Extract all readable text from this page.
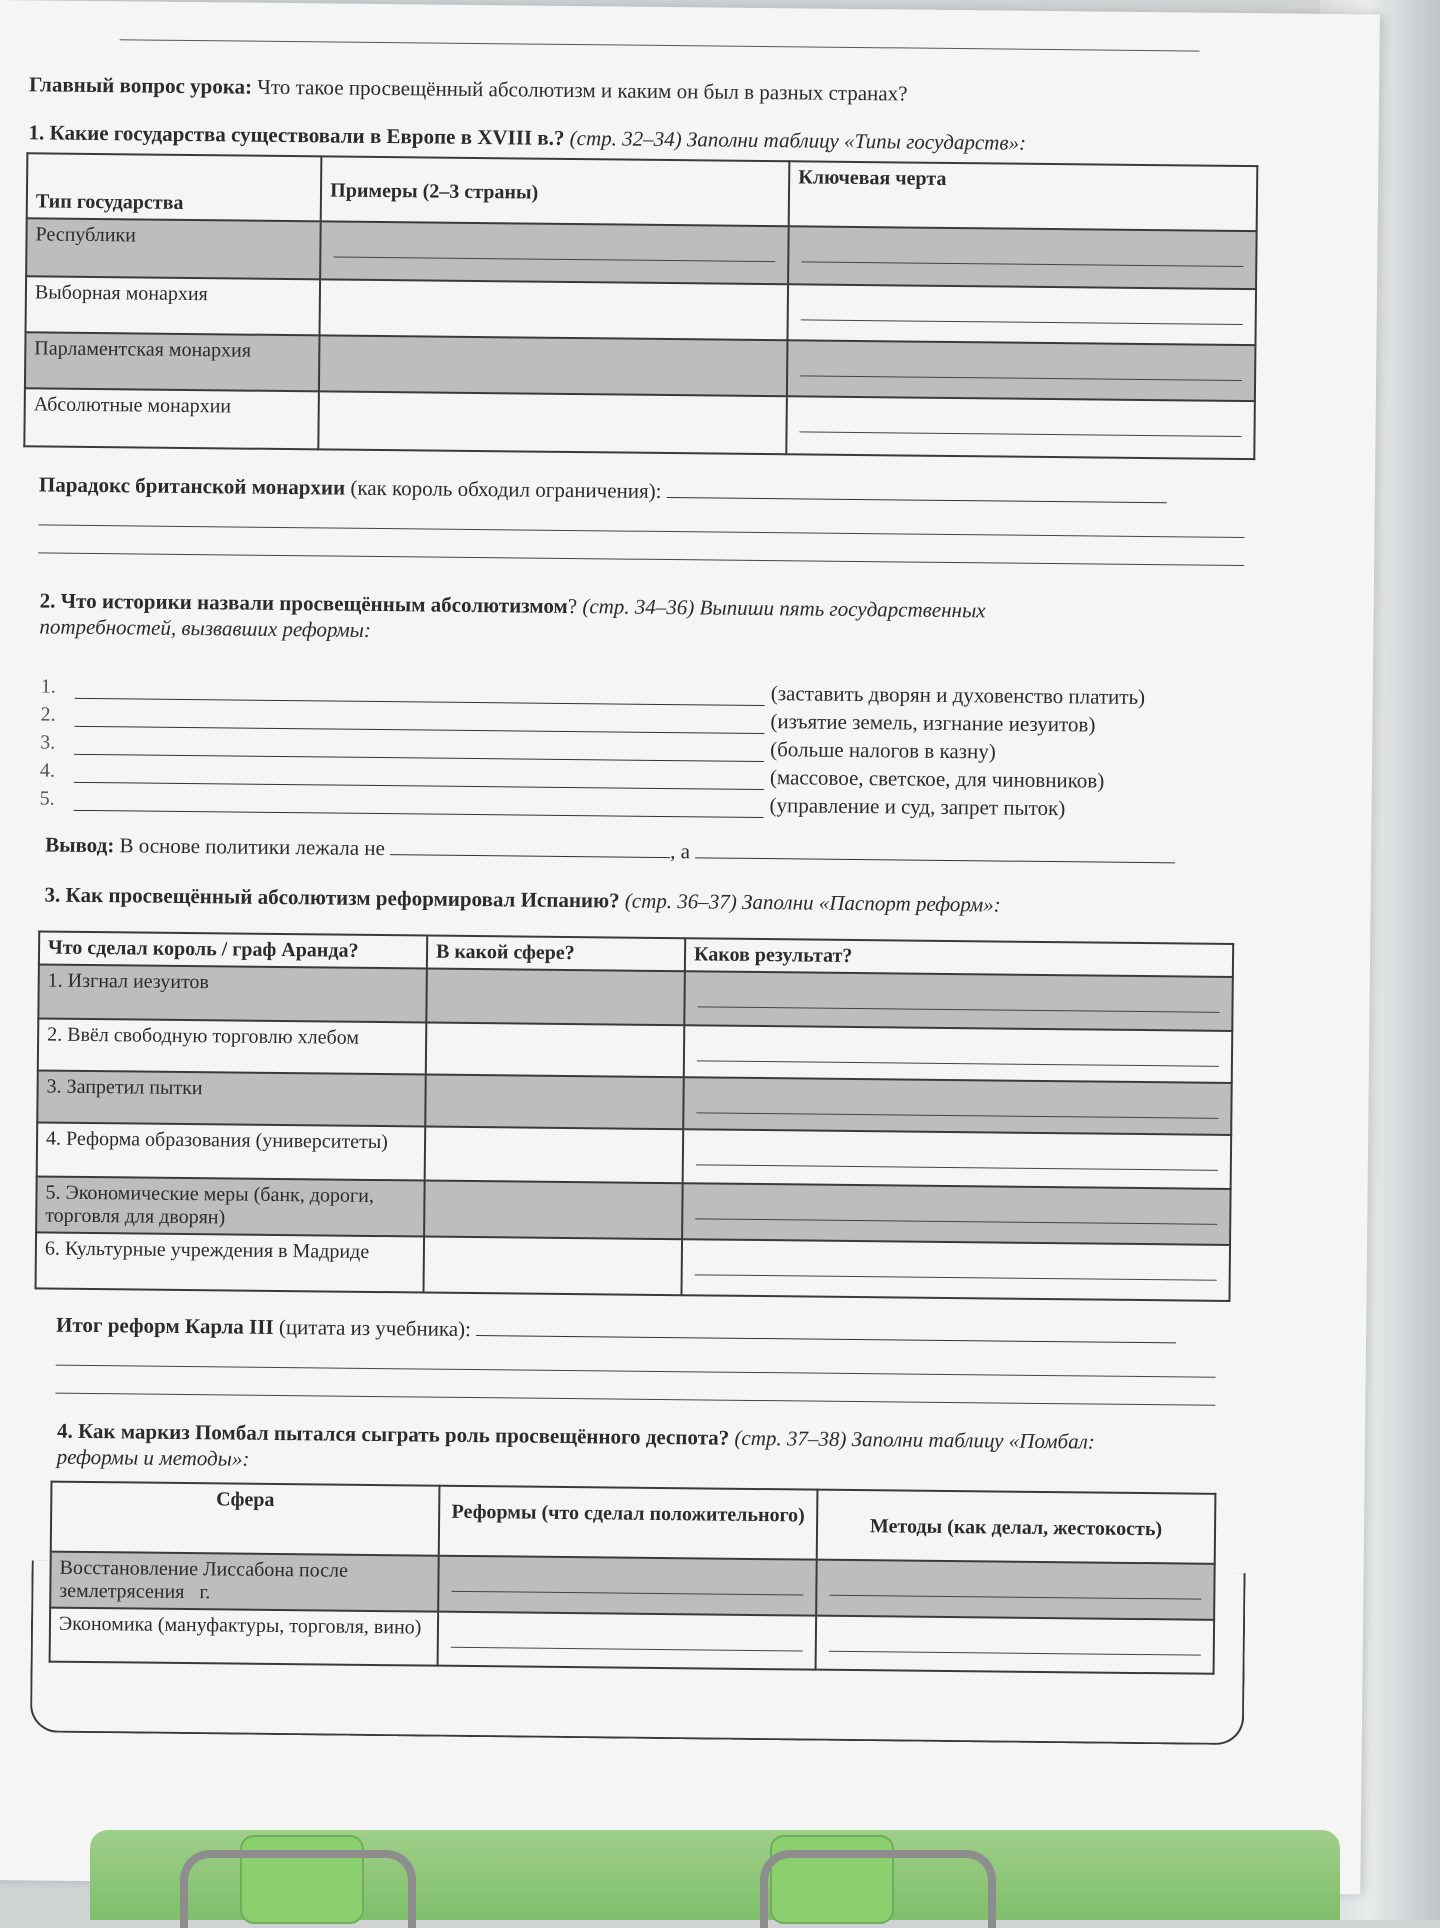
Главный вопрос урока: Что такое просвещённый абсолютизм и каким он был в разных странах?
1. Какие государства существовали в Европе в XVIII в.? (стр. 32–34) Заполни таблицу «Типы государств»:
Тип государства	Примеры (2–3 страны)	Ключевая черта
Республики	

Выборная монархия		

Парламентская монархия		

Абсолютные монархии		
Парадокс британской монархии (как король обходил ограничения):
2. Что историки назвали просвещённым абсолютизмом? (стр. 34–36) Выпиши пять государственных
потребностей, вызвавших реформы:
1.	(заставить дворян и духовенство платить)
2.	(изъятие земель, изгнание иезуитов)
3.	(больше налогов в казну)
4.	(массовое, светское, для чиновников)
5.	(управление и суд, запрет пыток)
Вывод: В основе политики лежала не	, а
3. Как просвещённый абсолютизм реформировал Испанию? (стр. 36–37) Заполни «Паспорт реформ»:
Что сделал король / граф Аранда?	В какой сфере?	Каков результат?
1. Изгнал иезуитов		

2. Ввёл свободную торговлю хлебом		

3. Запретил пытки		

4. Реформа образования (университеты)		

5. Экономические меры (банк, дороги, торговля для дворян)		

6. Культурные учреждения в Мадриде		
Итог реформ Карла III (цитата из учебника):
4. Как маркиз Помбал пытался сыграть роль просвещённого деспота? (стр. 37–38) Заполни таблицу «Помбал:
реформы и методы»:
Сфера	Реформы (что сделал положительного)	Методы (как делал, жестокость)
Восстановление Лиссабона после землетрясения г.	

Экономика (мануфактуры, торговля, вино)	
